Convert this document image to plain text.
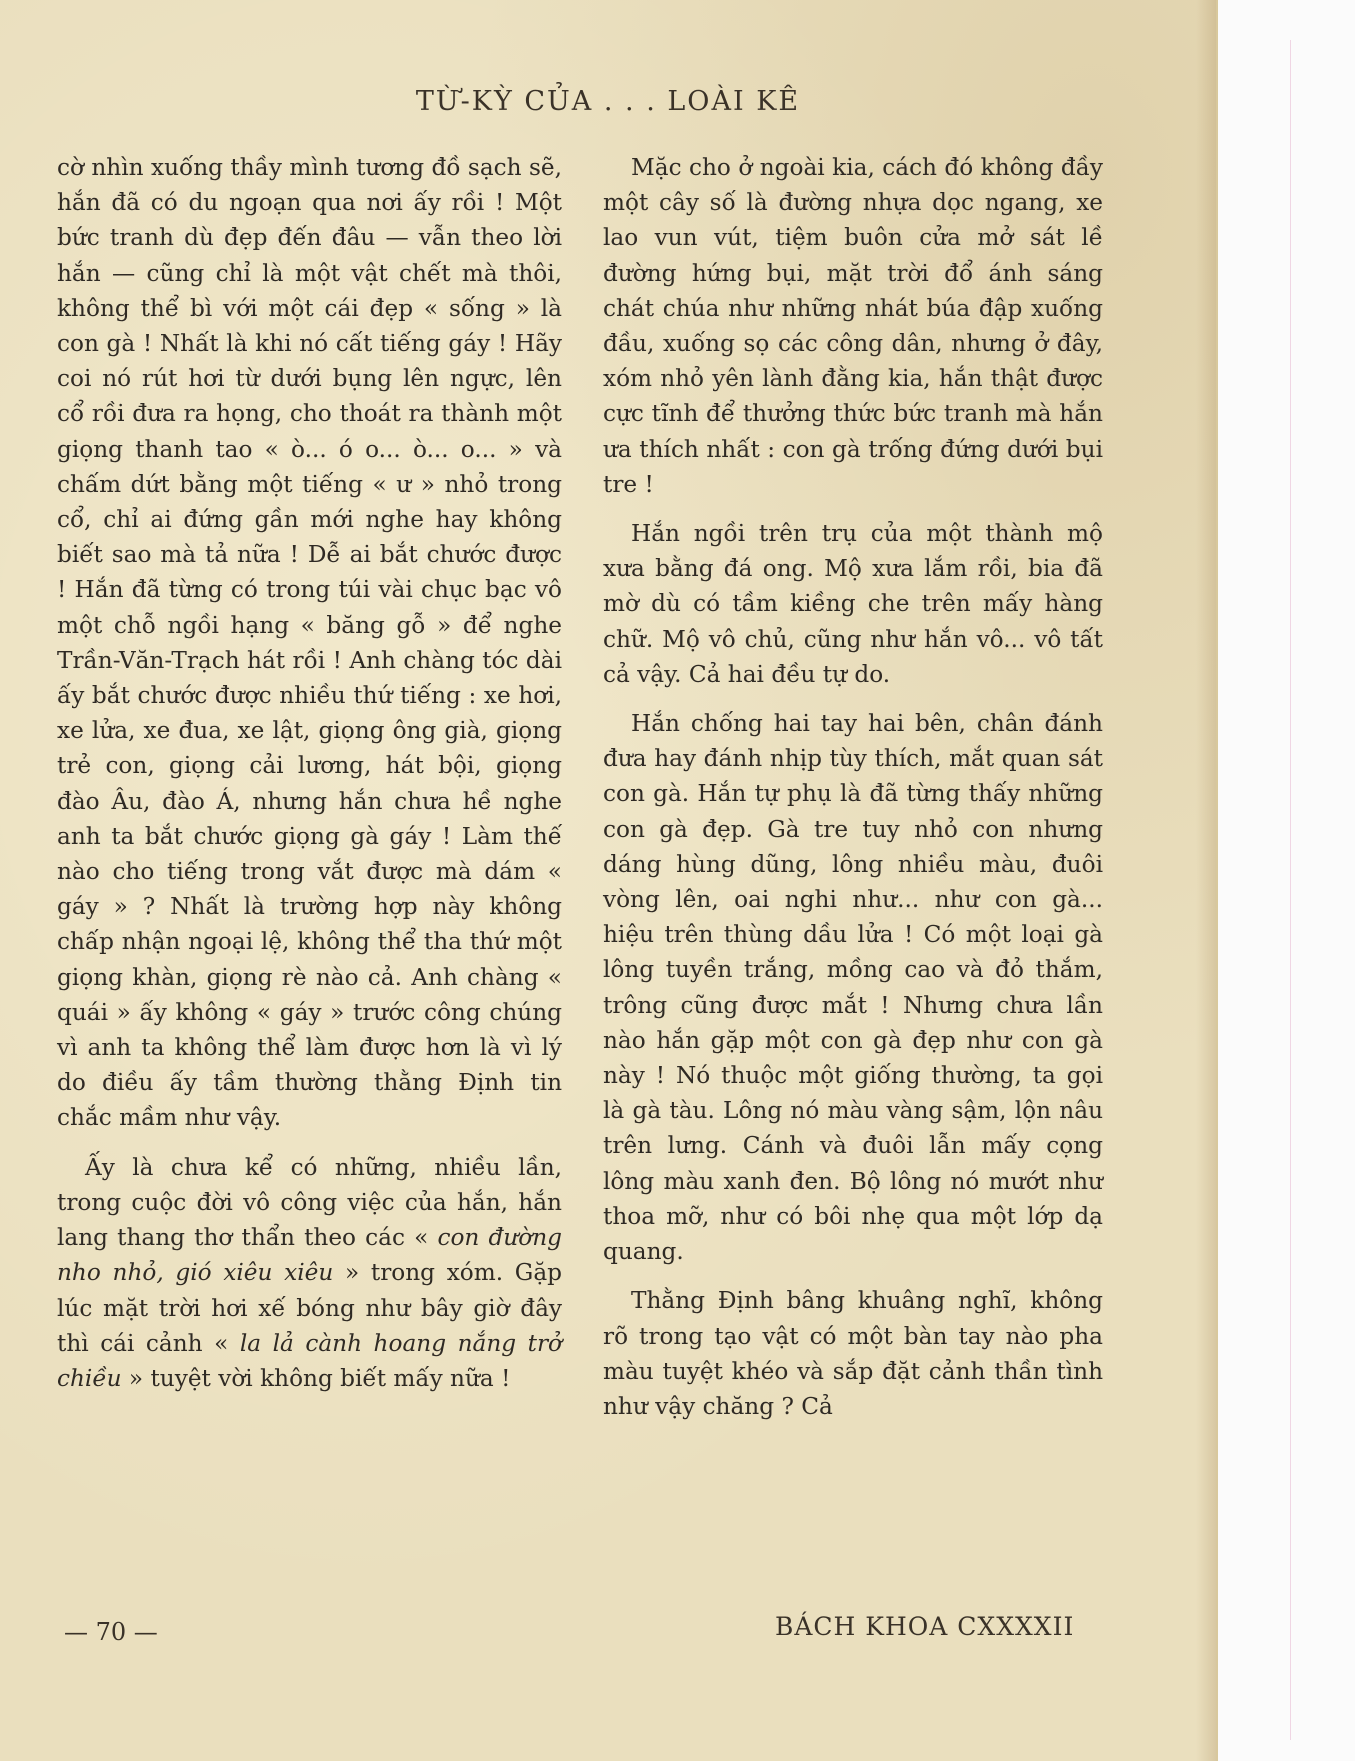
TỪ-KỲ CỦA . . . LOÀI KÊ

cờ nhìn xuống thầy mình tương đồ sạch sẽ, hắn đã có du ngoạn qua nơi ấy rồi ! Một bức tranh dù đẹp đến đâu — vẫn theo lời hắn — cũng chỉ là một vật chết mà thôi, không thể bì với một cái đẹp « sống » là con gà ! Nhất là khi nó cất tiếng gáy ! Hãy coi nó rút hơi từ dưới bụng lên ngực, lên cổ rồi đưa ra họng, cho thoát ra thành một giọng thanh tao « ò... ó o... ò... o... » và chấm dứt bằng một tiếng « ư » nhỏ trong cổ, chỉ ai đứng gần mới nghe hay không biết sao mà tả nữa ! Dễ ai bắt chước được ! Hắn đã từng có trong túi vài chục bạc vô một chỗ ngồi hạng « băng gỗ » để nghe Trần-Văn-Trạch hát rồi ! Anh chàng tóc dài ấy bắt chước được nhiều thứ tiếng : xe hơi, xe lửa, xe đua, xe lật, giọng ông già, giọng trẻ con, giọng cải lương, hát bội, giọng đào Âu, đào Á, nhưng hắn chưa hề nghe anh ta bắt chước giọng gà gáy ! Làm thế nào cho tiếng trong vắt được mà dám « gáy » ? Nhất là trường hợp này không chấp nhận ngoại lệ, không thể tha thứ một giọng khàn, giọng rè nào cả. Anh chàng « quái » ấy không « gáy » trước công chúng vì anh ta không thể làm được hơn là vì lý do điều ấy tầm thường thằng Định tin chắc mầm như vậy.

Ấy là chưa kể có những, nhiều lần, trong cuộc đời vô công việc của hắn, hắn lang thang thơ thẩn theo các « con đường nho nhỏ, gió xiêu xiêu » trong xóm. Gặp lúc mặt trời hơi xế bóng như bây giờ đây thì cái cảnh « la lả cành hoang nắng trở chiều » tuyệt vời không biết mấy nữa !

Mặc cho ở ngoài kia, cách đó không đầy một cây số là đường nhựa dọc ngang, xe lao vun vút, tiệm buôn cửa mở sát lề đường hứng bụi, mặt trời đổ ánh sáng chát chúa như những nhát búa đập xuống đầu, xuống sọ các công dân, nhưng ở đây, xóm nhỏ yên lành đằng kia, hắn thật được cực tĩnh để thưởng thức bức tranh mà hắn ưa thích nhất : con gà trống đứng dưới bụi tre !

Hắn ngồi trên trụ của một thành mộ xưa bằng đá ong. Mộ xưa lắm rồi, bia đã mờ dù có tầm kiềng che trên mấy hàng chữ. Mộ vô chủ, cũng như hắn vô... vô tất cả vậy. Cả hai đều tự do.

Hắn chống hai tay hai bên, chân đánh đưa hay đánh nhịp tùy thích, mắt quan sát con gà. Hắn tự phụ là đã từng thấy những con gà đẹp. Gà tre tuy nhỏ con nhưng dáng hùng dũng, lông nhiều màu, đuôi vòng lên, oai nghi như... như con gà... hiệu trên thùng dầu lửa ! Có một loại gà lông tuyền trắng, mồng cao và đỏ thắm, trông cũng được mắt ! Nhưng chưa lần nào hắn gặp một con gà đẹp như con gà này ! Nó thuộc một giống thường, ta gọi là gà tàu. Lông nó màu vàng sậm, lộn nâu trên lưng. Cánh và đuôi lẫn mấy cọng lông màu xanh đen. Bộ lông nó mướt như thoa mỡ, như có bôi nhẹ qua một lớp dạ quang.

Thằng Định bâng khuâng nghĩ, không rõ trong tạo vật có một bàn tay nào pha màu tuyệt khéo và sắp đặt cảnh thần tình như vậy chăng ? Cả

— 70 —	BÁCH KHOA CXXXXII
